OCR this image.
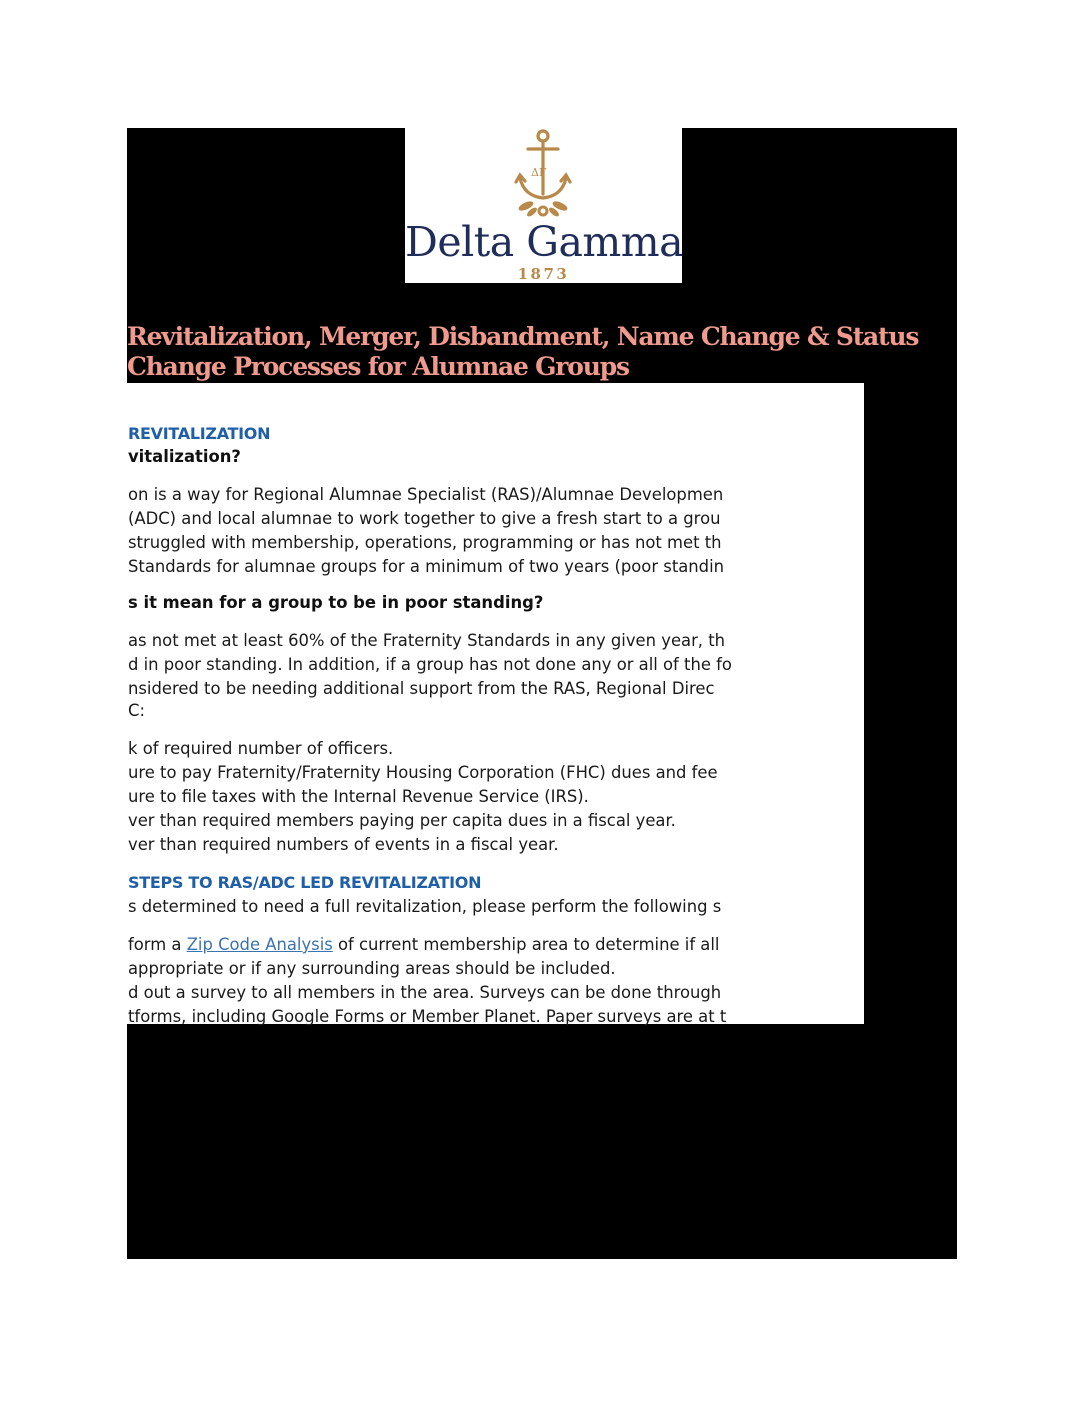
ΔΓ
Delta Gamma
1873
Revitalization, Merger, Disbandment, Name Change & Status
Change Processes for Alumnae Groups
vitalization?
on is a way for Regional Alumnae Specialist (RAS)/Alumnae Developmen
(ADC) and local alumnae to work together to give a fresh start to a grou
struggled with membership, operations, programming or has not met th
Standards for alumnae groups for a minimum of two years (poor standin
s it mean for a group to be in poor standing?
as not met at least 60% of the Fraternity Standards in any given year, th
d in poor standing. In addition, if a group has not done any or all of the fo
nsidered to be needing additional support from the RAS, Regional Direc
C:
k of required number of officers.
ure to pay Fraternity/Fraternity Housing Corporation (FHC) dues and fee
ure to file taxes with the Internal Revenue Service (IRS).
ver than required members paying per capita dues in a fiscal year.
ver than required numbers of events in a fiscal year.
s determined to need a full revitalization, please perform the following s
form a Zip Code Analysis of current membership area to determine if all
appropriate or if any surrounding areas should be included.
d out a survey to all members in the area. Surveys can be done through
tforms, including Google Forms or Member Planet. Paper surveys are at t
REVITALIZATION
STEPS TO RAS/ADC LED REVITALIZATION
